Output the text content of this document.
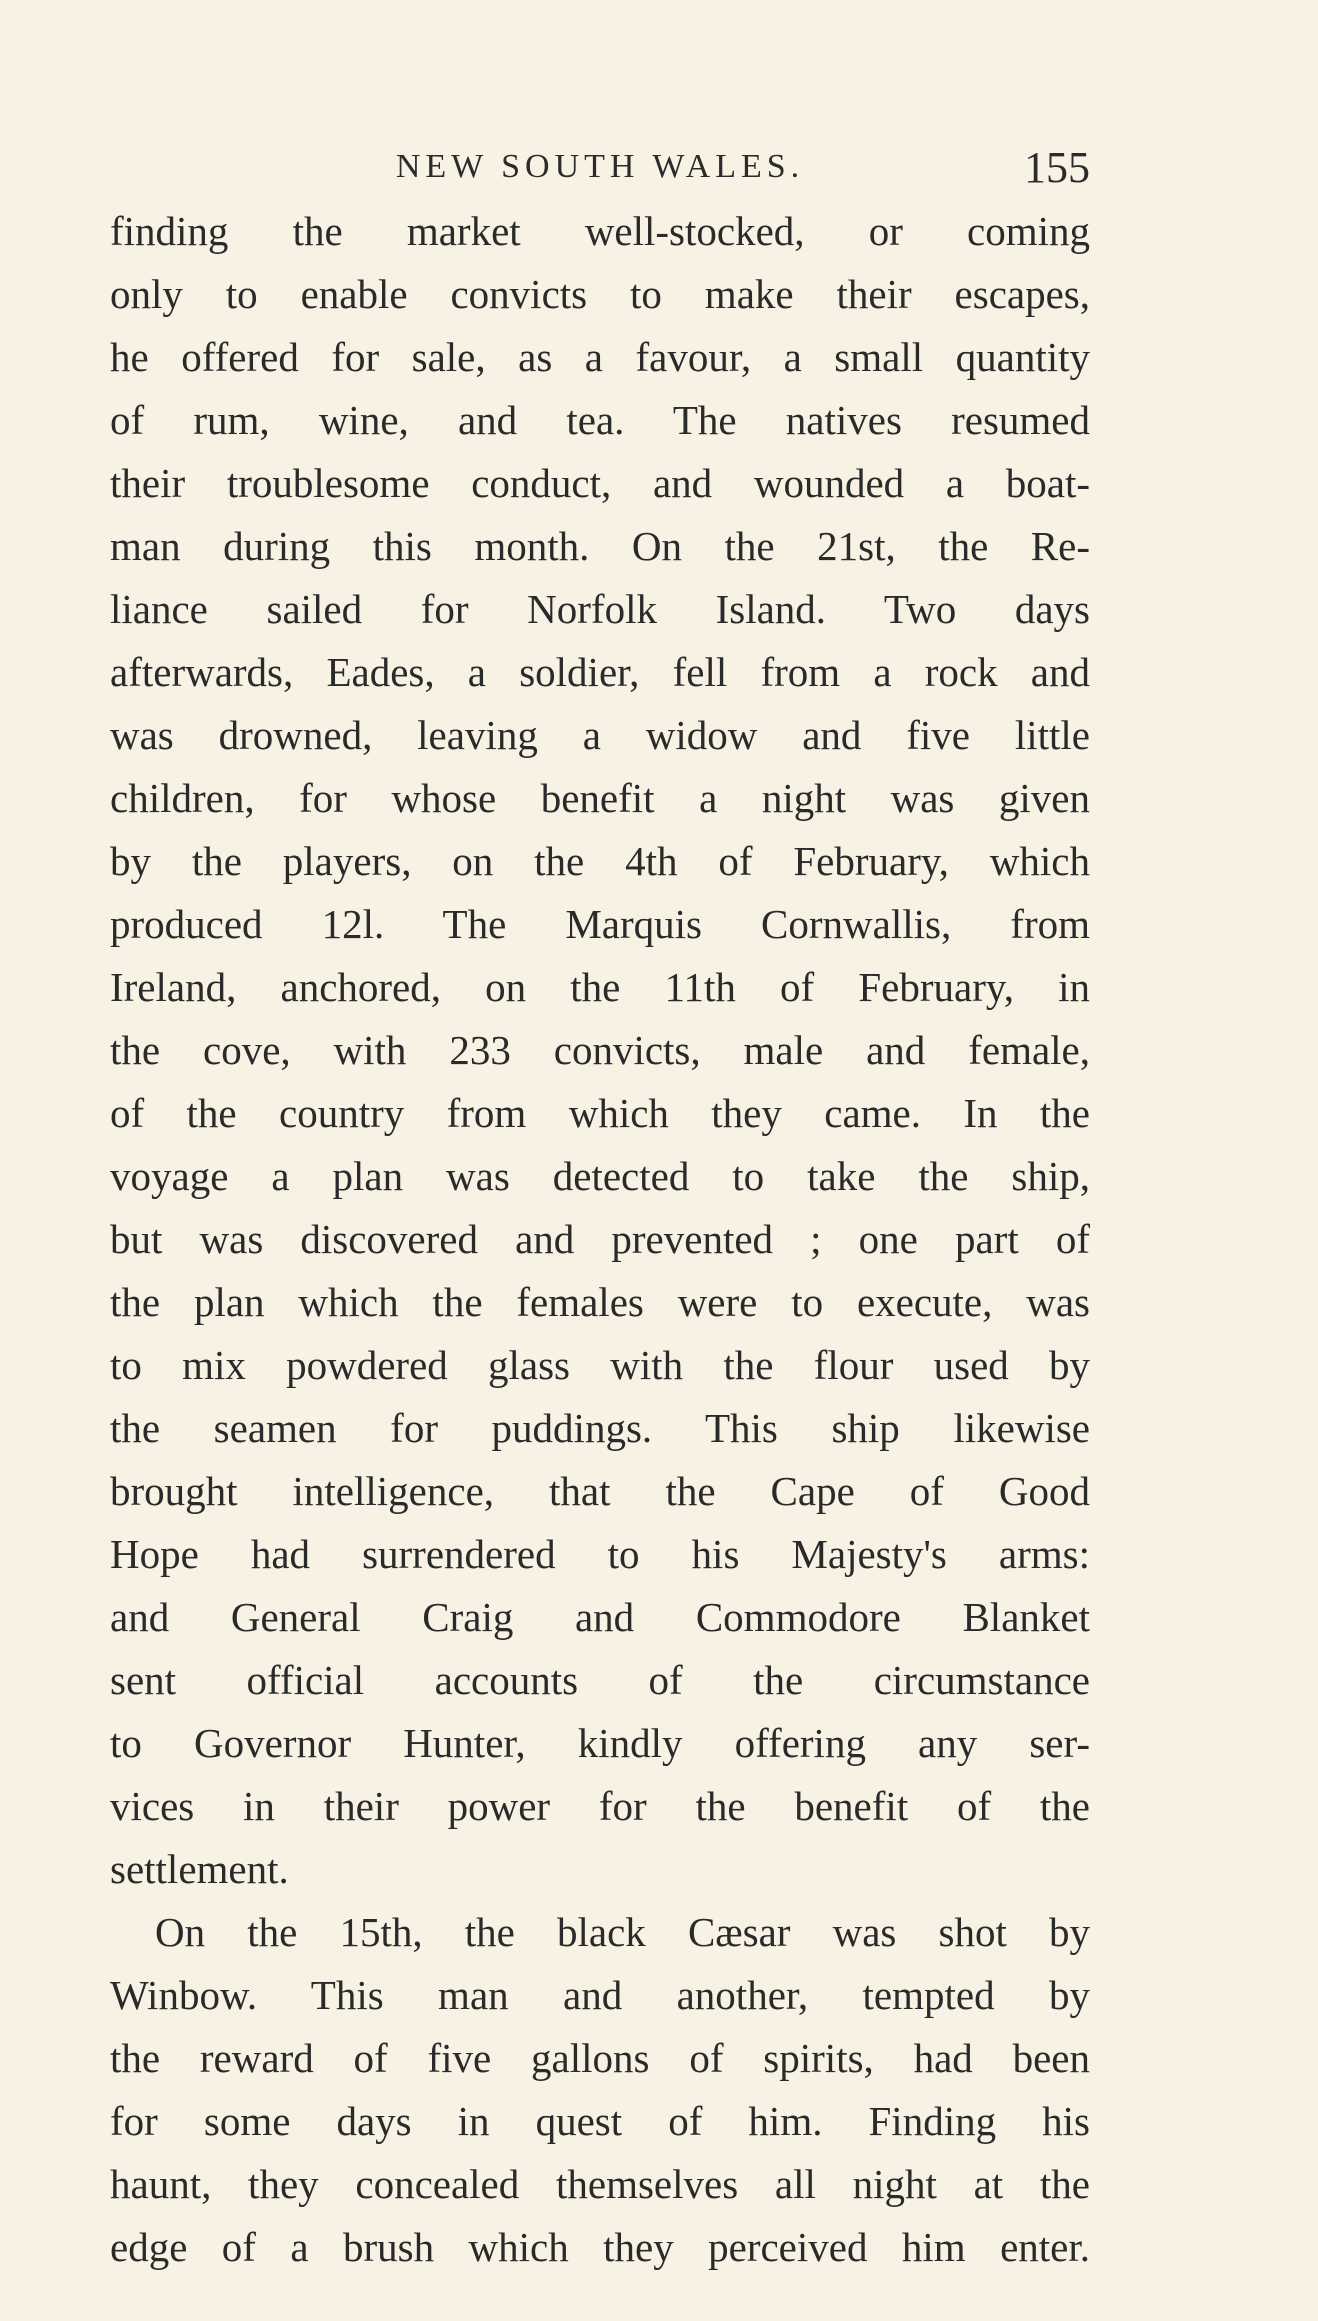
NEW SOUTH WALES.	155
finding the market well-stocked, or coming
only to enable convicts to make their escapes,
he offered for sale, as a favour, a small quantity
of rum, wine, and tea. The natives resumed
their troublesome conduct, and wounded a boat-
man during this month. On the 21st, the Re-
liance sailed for Norfolk Island. Two days
afterwards, Eades, a soldier, fell from a rock and
was drowned, leaving a widow and five little
children, for whose benefit a night was given
by the players, on the 4th of February, which
produced 12l. The Marquis Cornwallis, from
Ireland, anchored, on the 11th of February, in
the cove, with 233 convicts, male and female,
of the country from which they came. In the
voyage a plan was detected to take the ship,
but was discovered and prevented ; one part of
the plan which the females were to execute, was
to mix powdered glass with the flour used by
the seamen for puddings. This ship likewise
brought intelligence, that the Cape of Good
Hope had surrendered to his Majesty's arms:
and General Craig and Commodore Blanket
sent official accounts of the circumstance
to Governor Hunter, kindly offering any ser-
vices in their power for the benefit of the
settlement.
On the 15th, the black Cæsar was shot by
Winbow. This man and another, tempted by
the reward of five gallons of spirits, had been
for some days in quest of him. Finding his
haunt, they concealed themselves all night at the
edge of a brush which they perceived him enter.
